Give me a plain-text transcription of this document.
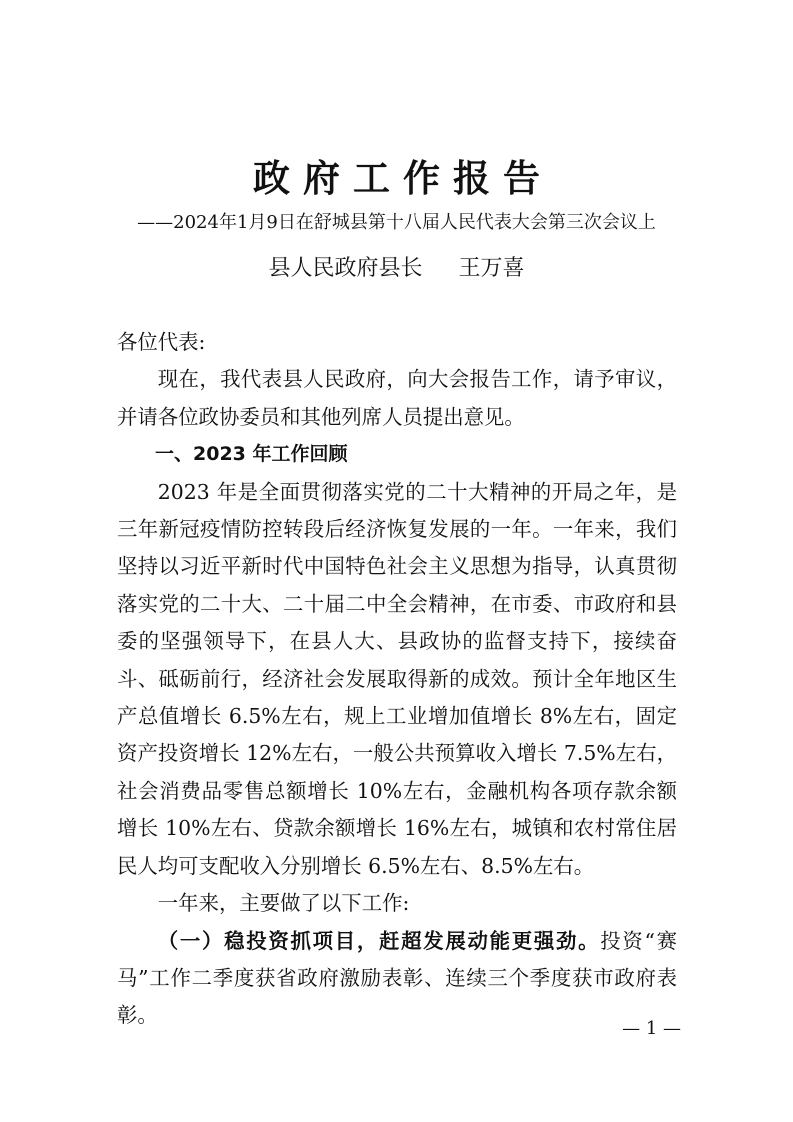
政府工作报告
——2024年1月9日在舒城县第十八届人民代表大会第三次会议上
县人民政府县长 王万喜

各位代表:

现在，我代表县人民政府，向大会报告工作，请予审议，并请各位政协委员和其他列席人员提出意见。

一、2023 年工作回顾

2023 年是全面贯彻落实党的二十大精神的开局之年，是三年新冠疫情防控转段后经济恢复发展的一年。一年来，我们坚持以习近平新时代中国特色社会主义思想为指导，认真贯彻落实党的二十大、二十届二中全会精神，在市委、市政府和县委的坚强领导下，在县人大、县政协的监督支持下，接续奋斗、砥砺前行，经济社会发展取得新的成效。预计全年地区生产总值增长 6.5%左右，规上工业增加值增长 8%左右，固定资产投资增长 12%左右，一般公共预算收入增长 7.5%左右，社会消费品零售总额增长 10%左右，金融机构各项存款余额增长 10%左右、贷款余额增长 16%左右，城镇和农村常住居民人均可支配收入分别增长 6.5%左右、8.5%左右。

一年来，主要做了以下工作:

（一）稳投资抓项目，赶超发展动能更强劲。投资“赛马”工作二季度获省政府激励表彰、连续三个季度获市政府表彰。

— 1 —
